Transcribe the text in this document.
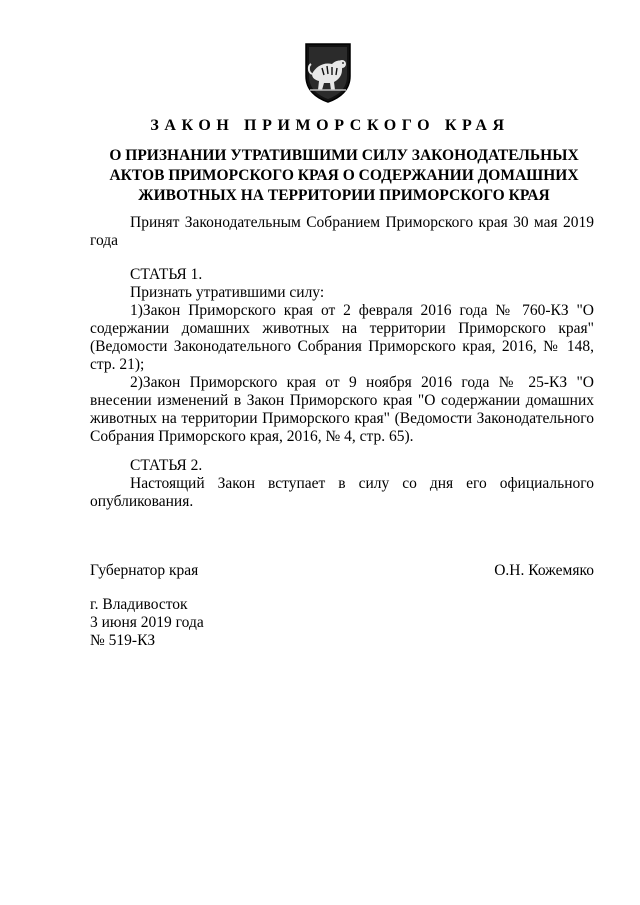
ЗАКОН ПРИМОРСКОГО КРАЯ
О ПРИЗНАНИИ УТРАТИВШИМИ СИЛУ ЗАКОНОДАТЕЛЬНЫХ
АКТОВ ПРИМОРСКОГО КРАЯ О СОДЕРЖАНИИ ДОМАШНИХ
ЖИВОТНЫХ НА ТЕРРИТОРИИ ПРИМОРСКОГО КРАЯ
Принят Законодательным Собранием Приморского края 30 мая 2019 года
СТАТЬЯ 1.

Признать утратившими силу:

1)Закон Приморского края от 2 февраля 2016 года № 760-КЗ "О содержании домашних животных на территории Приморского края" (Ведомости Законодательного Собрания Приморского края, 2016, № 148, стр. 21);

2)Закон Приморского края от 9 ноября 2016 года № 25-КЗ "О внесении изменений в Закон Приморского края "О содержании домашних животных на территории Приморского края" (Ведомости Законодательного Собрания Приморского края, 2016, № 4, стр. 65).

СТАТЬЯ 2.
Настоящий Закон вступает в силу со дня его официального опубликования.
Губернатор края	О.Н. Кожемяко
г. Владивосток
3 июня 2019 года
№ 519-КЗ
